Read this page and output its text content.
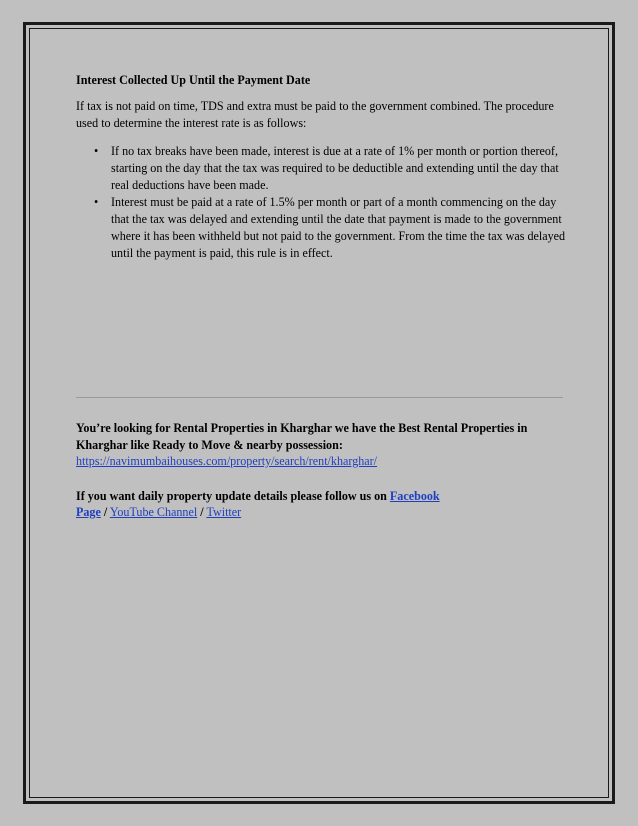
Interest Collected Up Until the Payment Date
If tax is not paid on time, TDS and extra must be paid to the government combined. The procedure used to determine the interest rate is as follows:
• If no tax breaks have been made, interest is due at a rate of 1% per month or portion thereof, starting on the day that the tax was required to be deductible and extending until the day that real deductions have been made.
• Interest must be paid at a rate of 1.5% per month or part of a month commencing on the day that the tax was delayed and extending until the date that payment is made to the government where it has been withheld but not paid to the government. From the time the tax was delayed until the payment is paid, this rule is in effect.
You’re looking for Rental Properties in Kharghar we have the Best Rental Properties in Kharghar like Ready to Move & nearby possession:
https://navimumbaihouses.com/property/search/rent/kharghar/
If you want daily property update details please follow us on Facebook
Page / YouTube Channel / Twitter
